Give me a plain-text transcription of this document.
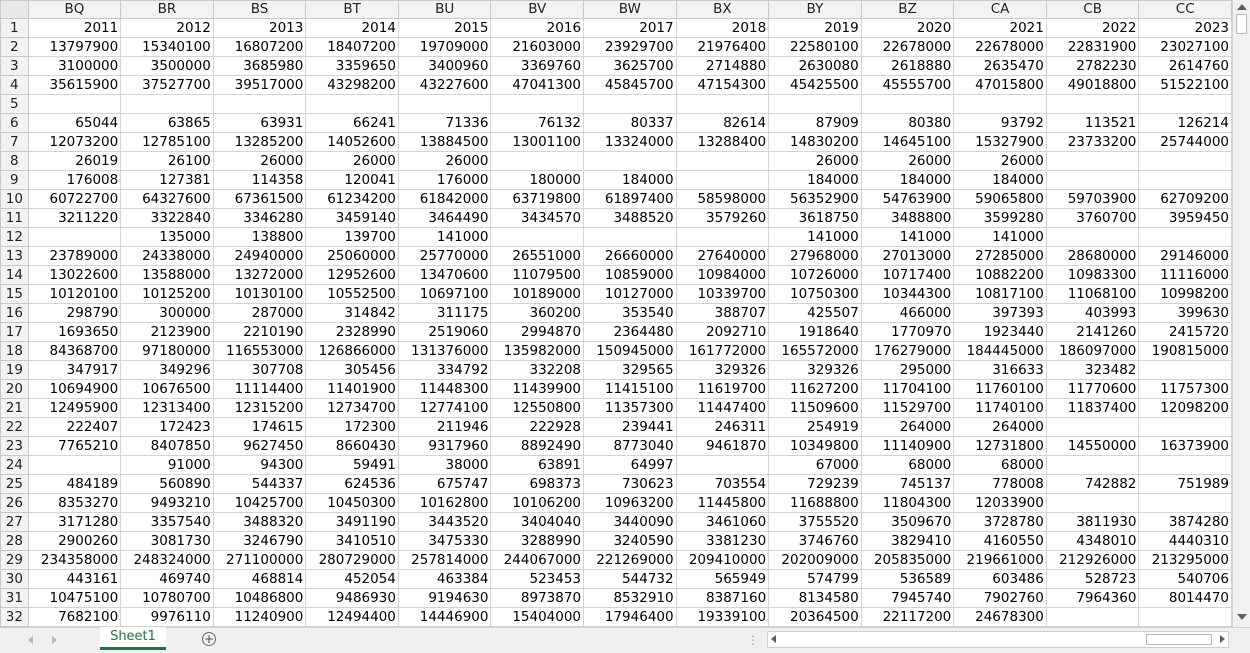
	BQ	BR	BS	BT	BU	BV	BW	BX	BY	BZ	CA	CB	CC
1	2011	2012	2013	2014	2015	2016	2017	2018	2019	2020	2021	2022	2023
2	13797900	15340100	16807200	18407200	19709000	21603000	23929700	21976400	22580100	22678000	22678000	22831900	23027100
3	3100000	3500000	3685980	3359650	3400960	3369760	3625700	2714880	2630080	2618880	2635470	2782230	2614760
4	35615900	37527700	39517000	43298200	43227600	47041300	45845700	47154300	45425500	45555700	47015800	49018800	51522100
5													
6	65044	63865	63931	66241	71336	76132	80337	82614	87909	80380	93792	113521	126214
7	12073200	12785100	13285200	14052600	13884500	13001100	13324000	13288400	14830200	14645100	15327900	23733200	25744000
8	26019	26100	26000	26000	26000				26000	26000	26000		
9	176008	127381	114358	120041	176000	180000	184000		184000	184000	184000		
10	60722700	64327600	67361500	61234200	61842000	63719800	61897400	58598000	56352900	54763900	59065800	59703900	62709200
11	3211220	3322840	3346280	3459140	3464490	3434570	3488520	3579260	3618750	3488800	3599280	3760700	3959450
12		135000	138800	139700	141000				141000	141000	141000		
13	23789000	24338000	24940000	25060000	25770000	26551000	26660000	27640000	27968000	27013000	27285000	28680000	29146000
14	13022600	13588000	13272000	12952600	13470600	11079500	10859000	10984000	10726000	10717400	10882200	10983300	11116000
15	10120100	10125200	10130100	10552500	10697100	10189000	10127000	10339700	10750300	10344300	10817100	11068100	10998200
16	298790	300000	287000	314842	311175	360200	353540	388707	425507	466000	397393	403993	399630
17	1693650	2123900	2210190	2328990	2519060	2994870	2364480	2092710	1918640	1770970	1923440	2141260	2415720
18	84368700	97180000	116553000	126866000	131376000	135982000	150945000	161772000	165572000	176279000	184445000	186097000	190815000
19	347917	349296	307708	305456	334792	332208	329565	329326	329326	295000	316633	323482	
20	10694900	10676500	11114400	11401900	11448300	11439900	11415100	11619700	11627200	11704100	11760100	11770600	11757300
21	12495900	12313400	12315200	12734700	12774100	12550800	11357300	11447400	11509600	11529700	11740100	11837400	12098200
22	222407	172423	174615	172300	211946	222928	239441	246311	254919	264000	264000		
23	7765210	8407850	9627450	8660430	9317960	8892490	8773040	9461870	10349800	11140900	12731800	14550000	16373900
24		91000	94300	59491	38000	63891	64997		67000	68000	68000		
25	484189	560890	544337	624536	675747	698373	730623	703554	729239	745137	778008	742882	751989
26	8353270	9493210	10425700	10450300	10162800	10106200	10963200	11445800	11688800	11804300	12033900		
27	3171280	3357540	3488320	3491190	3443520	3404040	3440090	3461060	3755520	3509670	3728780	3811930	3874280
28	2900260	3081730	3246790	3410510	3475330	3288990	3240590	3381230	3746760	3829410	4160550	4348010	4440310
29	234358000	248324000	271100000	280729000	257814000	244067000	221269000	209410000	202009000	205835000	219661000	212926000	213295000
30	443161	469740	468814	452054	463384	523453	544732	565949	574799	536589	603486	528723	540706
31	10475100	10780700	10486800	9486930	9194630	8973870	8532910	8387160	8134580	7945740	7902760	7964360	8014470
32	7682100	9976110	11240900	12494400	14446900	15404000	17946400	19339100	20364500	22117200	24678300		
Sheet1	+	⋮
